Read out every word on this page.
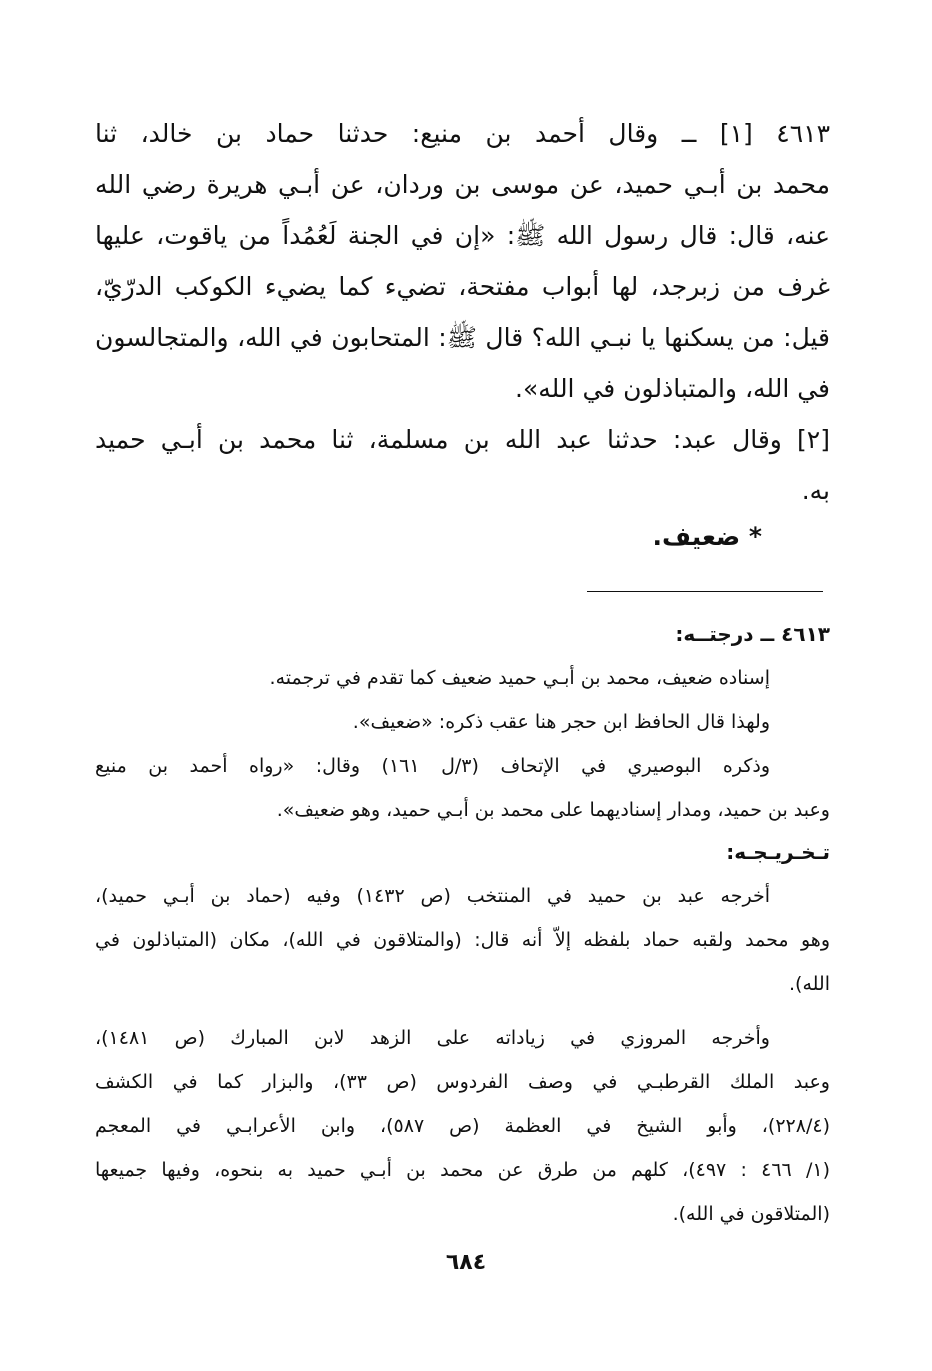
٤٦١٣ [١] ــ وقال أحمد بن منيع: حدثنا حماد بن خالد، ثنا
محمد بن أبـي حميد، عن موسى بن وردان، عن أبـي هريرة رضي الله
عنه، قال: قال رسول الله ﷺ: «إن في الجنة لَعُمُداً من ياقوت، عليها
غرف من زبرجد، لها أبواب مفتحة، تضيء كما يضيء الكوكب الدرّيّ،
قيل: من يسكنها يا نبـي الله؟ قال ﷺ: المتحابون في الله، والمتجالسون
في الله، والمتباذلون في الله».
[٢] وقال عبد: حدثنا عبد الله بن مسلمة، ثنا محمد بن أبـي حميد
به.
* ضعيف.
٤٦١٣ ــ درجتــه:
إسناده ضعيف، محمد بن أبـي حميد ضعيف كما تقدم في ترجمته.
ولهذا قال الحافظ ابن حجر هنا عقب ذكره: «ضعيف».
وذكره البوصيري في الإتحاف (٣/ل ١٦١) وقال: «رواه أحمد بن منيع
وعبد بن حميد، ومدار إسناديهما على محمد بن أبـي حميد، وهو ضعيف».
تـخـريـجـه:
أخرجه عبد بن حميد في المنتخب (ص ١٤٣٢) وفيه (حماد بن أبـي حميد)،
وهو محمد ولقبه حماد بلفظه إلاّ أنه قال: (والمتلاقون في الله)، مكان (المتباذلون في
الله).
وأخرجه المروزي في زياداته على الزهد لابن المبارك (ص ١٤٨١)،
وعبد الملك القرطبـي في وصف الفردوس (ص ٣٣)، والبزار كما في الكشف
(٢٢٨/٤)، وأبو الشيخ في العظمة (ص ٥٨٧)، وابن الأعرابـي في المعجم
(١/ ٤٦٦ : ٤٩٧)، كلهم من طرق عن محمد بن أبـي حميد به بنحوه، وفيها جميعها
(المتلاقون في الله).
٦٨٤
